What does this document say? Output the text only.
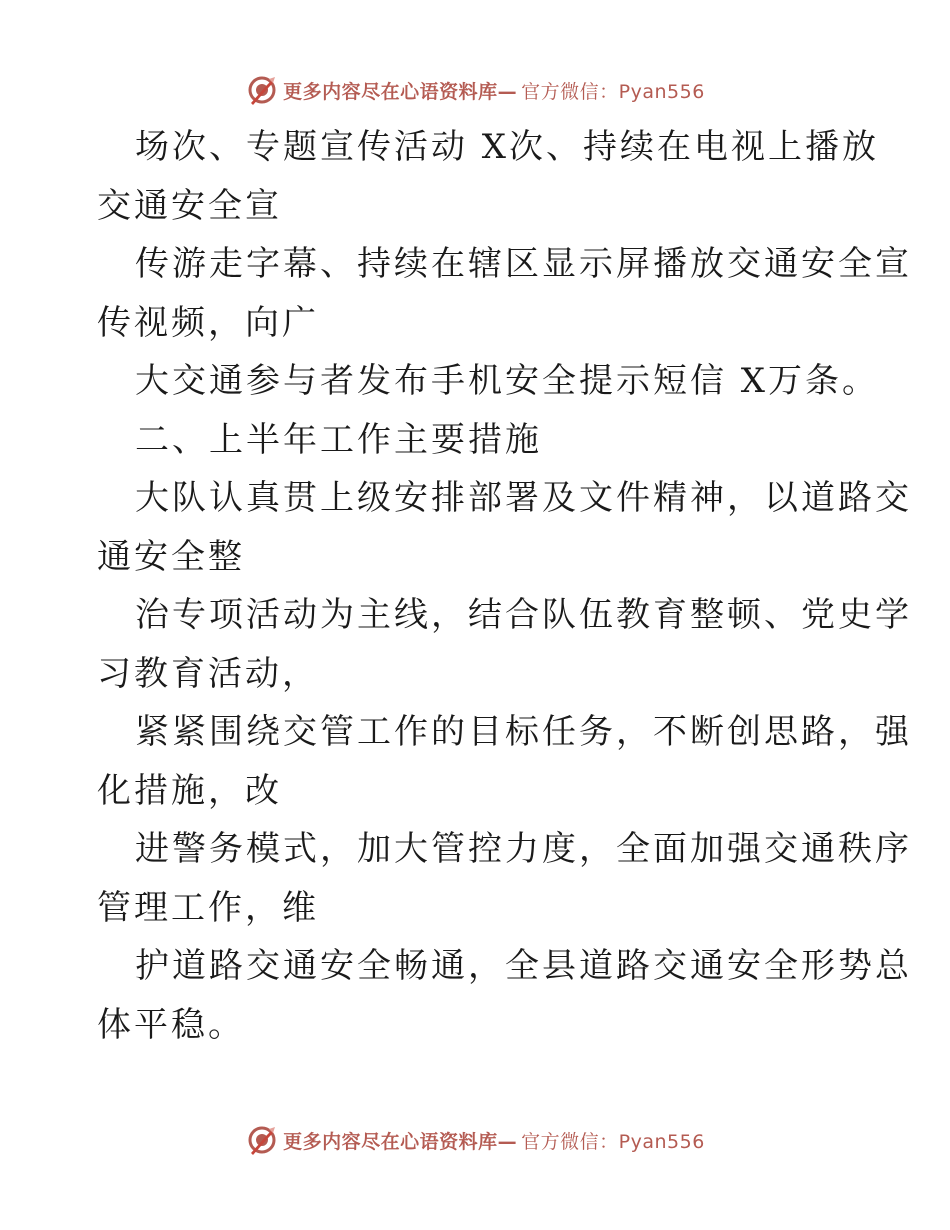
更多内容尽在心语资料库— 官方微信：Pyan556
场次、专题宣传活动 X次、持续在电视上播放
交通安全宣
传游走字幕、持续在辖区显示屏播放交通安全宣
传视频，向广
大交通参与者发布手机安全提示短信 X万条。
二、上半年工作主要措施
大队认真贯上级安排部署及文件精神，以道路交
通安全整
治专项活动为主线，结合队伍教育整顿、党史学
习教育活动，
紧紧围绕交管工作的目标任务，不断创思路，强
化措施，改
进警务模式，加大管控力度，全面加强交通秩序
管理工作，维
护道路交通安全畅通，全县道路交通安全形势总
体平稳。
更多内容尽在心语资料库— 官方微信：Pyan556
